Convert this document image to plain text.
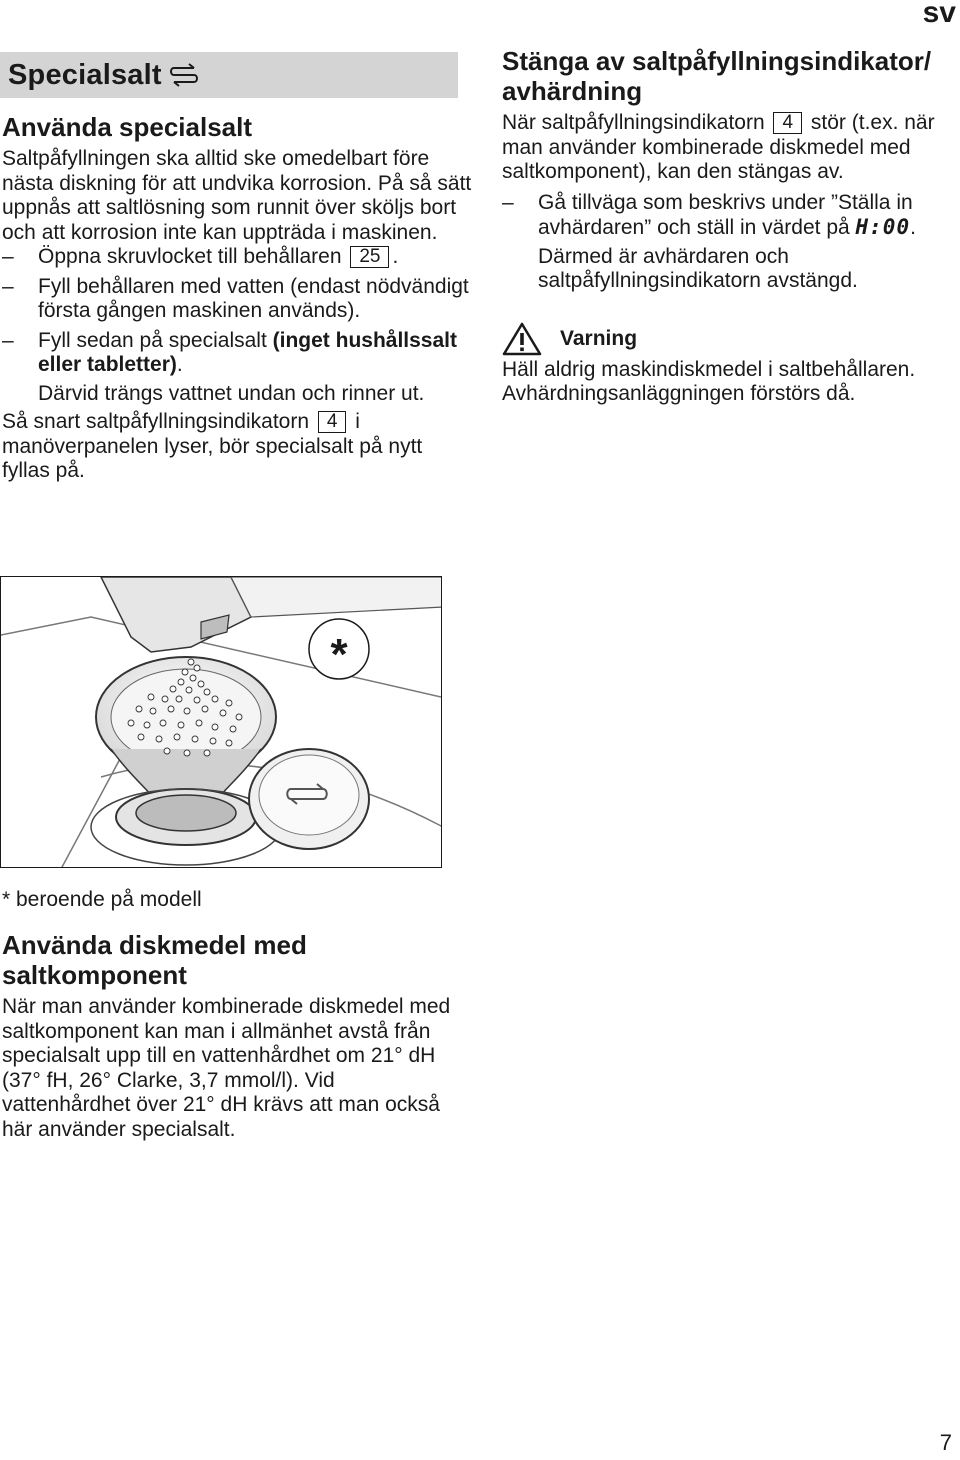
sv
Specialsalt
Använda specialsalt

Saltpåfyllningen ska alltid ske omedelbart före nästa diskning för att undvika korrosion. På så sätt uppnås att saltlösning som runnit över sköljs bort och att korrosion inte kan uppträda i maskinen.

– Öppna skruvlocket till behållaren 25 .

– Fyll behållaren med vatten (endast nödvändigt första gången maskinen används).

– Fyll sedan på specialsalt (inget hushållssalt eller tabletter).

Därvid trängs vattnet undan och rinner ut.

Så snart saltpåfyllningsindikatorn 4 i manöverpanelen lyser, bör specialsalt på nytt fyllas på.

Stänga av saltpåfyllningsindikator/ avhärdning

När saltpåfyllningsindikatorn 4 stör (t.ex. när man använder kombinerade diskmedel med saltkomponent), kan den stängas av.

– Gå tillväga som beskrivs under ”Ställa in avhärdaren” och ställ in värdet på H:00.

Därmed är avhärdaren och saltpåfyllningsindikatorn avstängd.

Varning

Häll aldrig maskindiskmedel i saltbehållaren. Avhärdningsanläggningen förstörs då.

*

* beroende på modell

Använda diskmedel med saltkomponent

När man använder kombinerade diskmedel med saltkomponent kan man i allmänhet avstå från specialsalt upp till en vattenhårdhet om 21° dH (37° fH, 26° Clarke, 3,7 mmol/l). Vid vattenhårdhet över 21° dH krävs att man också här använder specialsalt.

7
